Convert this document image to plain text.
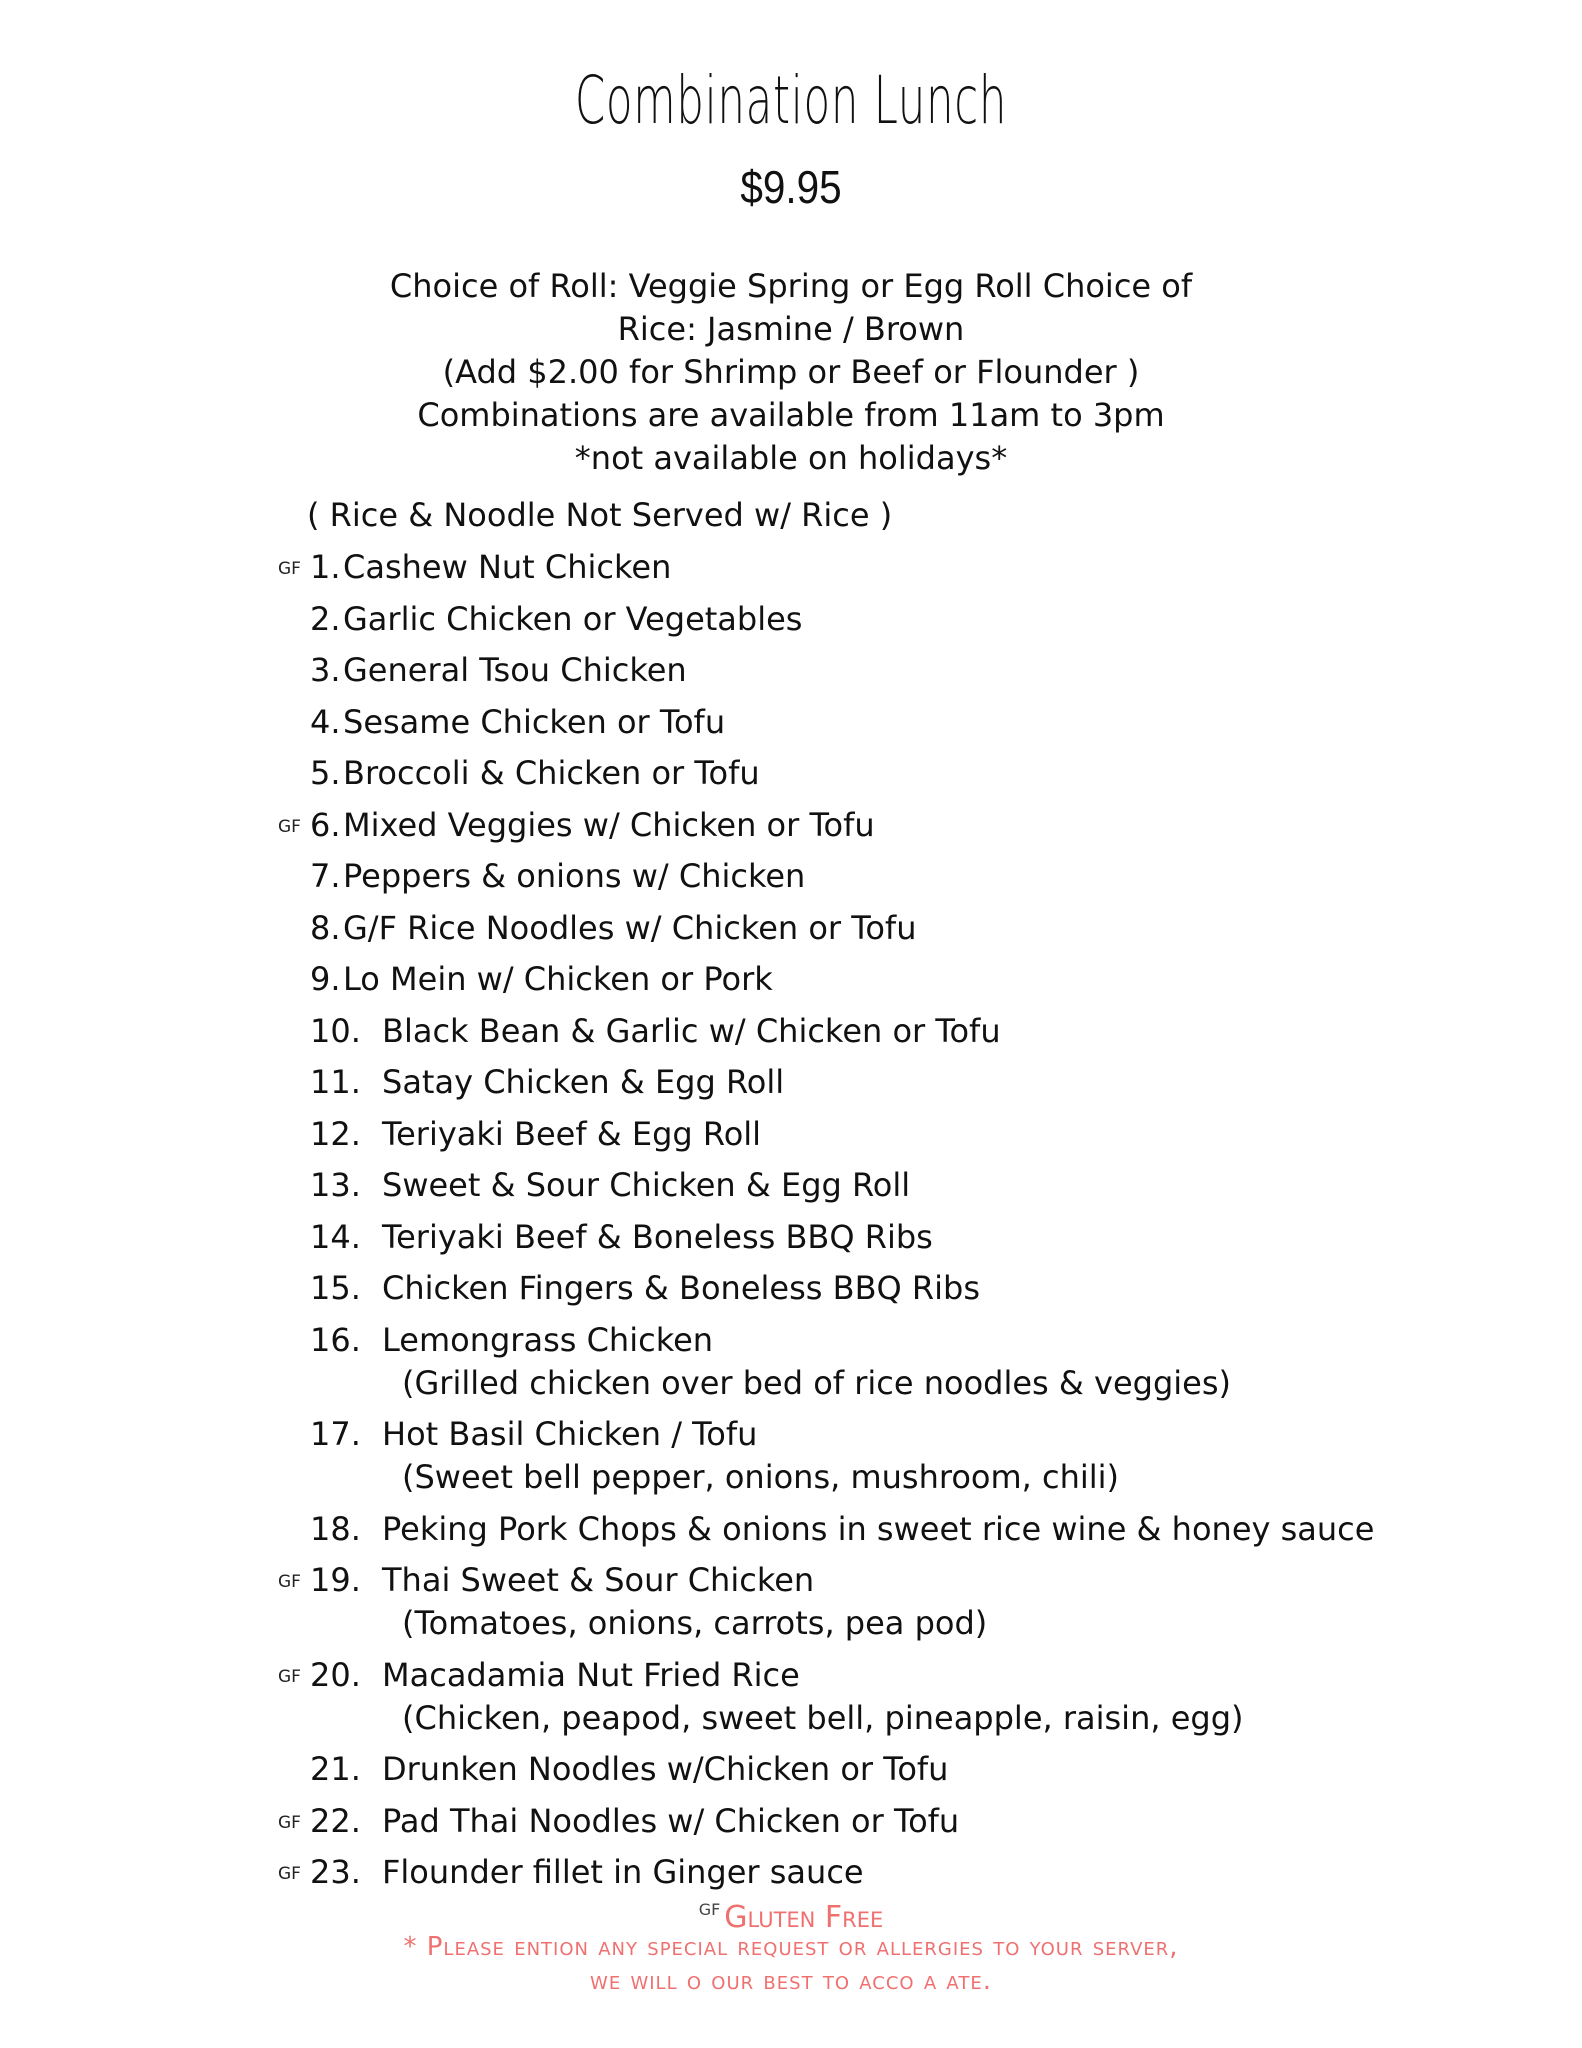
Combination Lunch
$9.95
Choice of Roll: Veggie Spring or Egg Roll Choice of
Rice: Jasmine / Brown
(Add $2.00 for Shrimp or Beef or Flounder )
Combinations are available from 11am to 3pm
*not available on holidays*
( Rice & Noodle Not Served w/ Rice )
GF 1. Cashew Nut Chicken
2. Garlic Chicken or Vegetables
3. General Tsou Chicken
4. Sesame Chicken or Tofu
5. Broccoli & Chicken or Tofu
GF 6. Mixed Veggies w/ Chicken or Tofu
7. Peppers & onions w/ Chicken
8. G/F Rice Noodles w/ Chicken or Tofu
9. Lo Mein w/ Chicken or Pork
10. Black Bean & Garlic w/ Chicken or Tofu
11. Satay Chicken & Egg Roll
12. Teriyaki Beef & Egg Roll
13. Sweet & Sour Chicken & Egg Roll
14. Teriyaki Beef & Boneless BBQ Ribs
15. Chicken Fingers & Boneless BBQ Ribs
16. Lemongrass Chicken
(Grilled chicken over bed of rice noodles & veggies)
17. Hot Basil Chicken / Tofu
(Sweet bell pepper, onions, mushroom, chili)
18. Peking Pork Chops & onions in sweet rice wine & honey sauce
GF 19. Thai Sweet & Sour Chicken
(Tomatoes, onions, carrots, pea pod)
GF 20. Macadamia Nut Fried Rice
(Chicken, peapod, sweet bell, pineapple, raisin, egg)
21. Drunken Noodles w/Chicken or Tofu
GF 22. Pad Thai Noodles w/ Chicken or Tofu
GF 23. Flounder fillet in Ginger sauce
$^{GF}$ Gluten Free
* Please ention any special request or allergies to your server,
we will o our best to acco a ate.
